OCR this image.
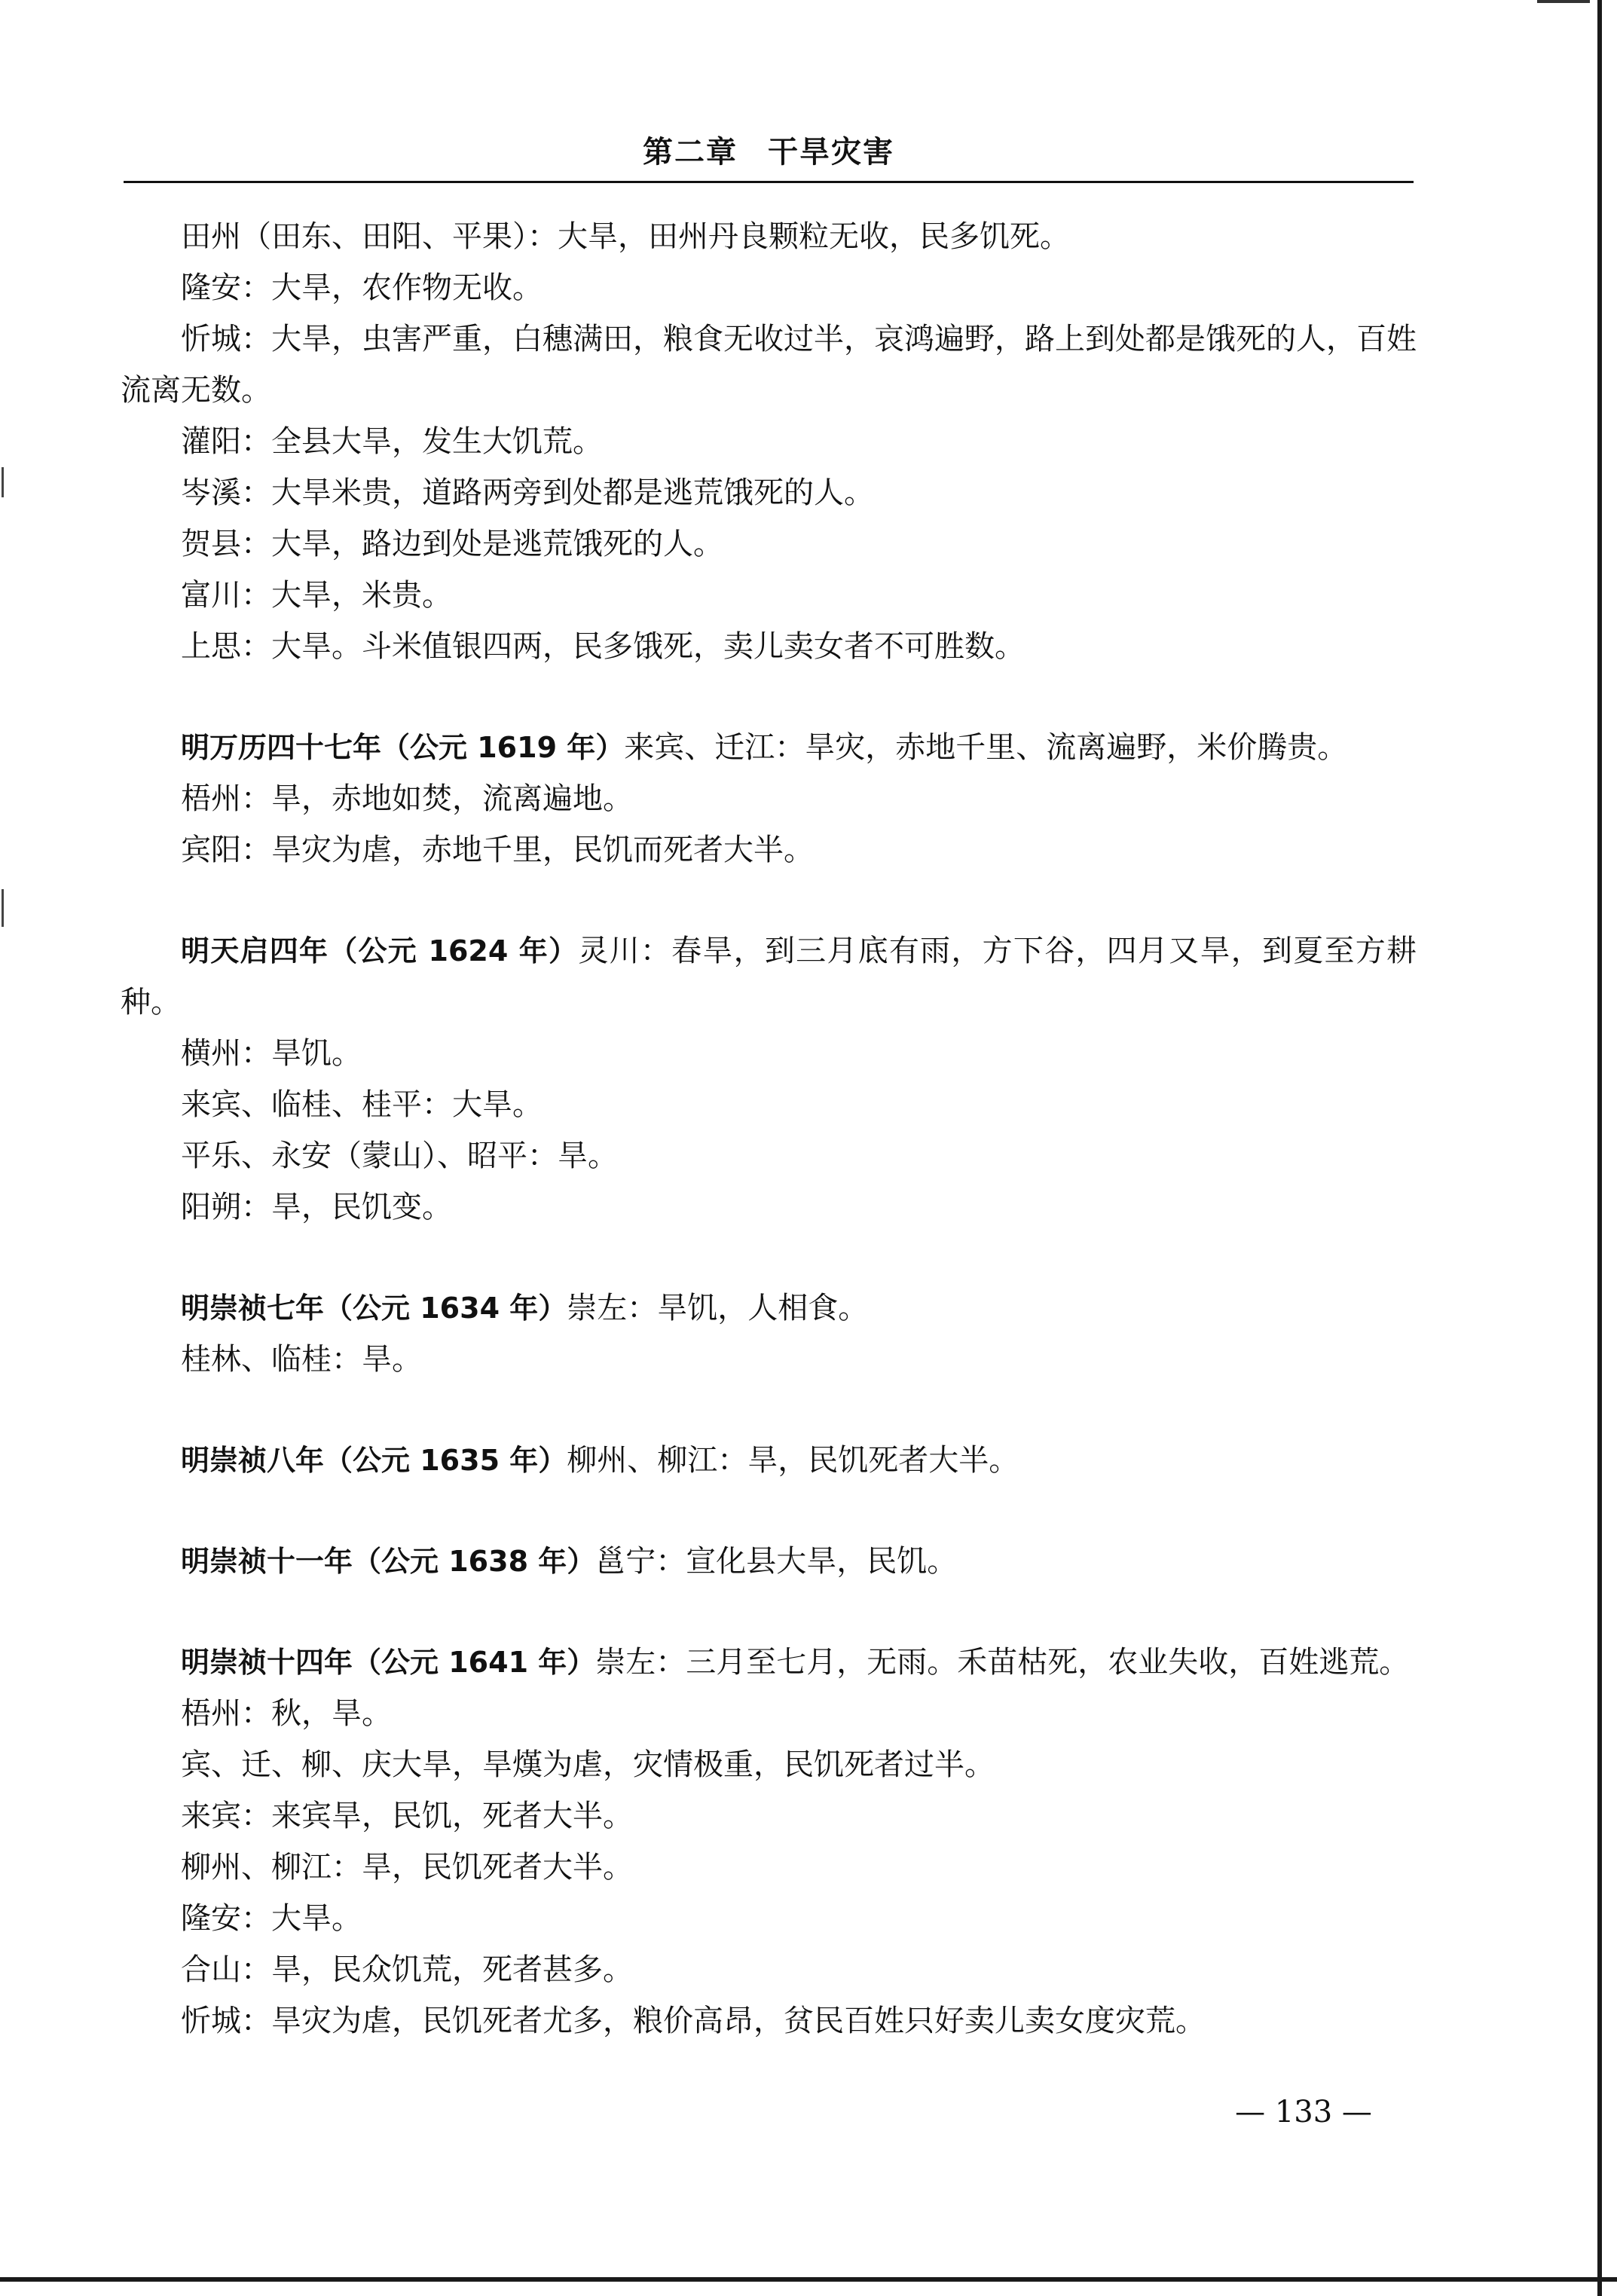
第二章 干旱灾害

田州（田东、田阳、平果）：大旱，田州丹良颗粒无收，民多饥死。

隆安：大旱，农作物无收。

忻城：大旱，虫害严重，白穗满田，粮食无收过半，哀鸿遍野，路上到处都是饿死的人，百姓流离无数。

灌阳：全县大旱，发生大饥荒。

岑溪：大旱米贵，道路两旁到处都是逃荒饿死的人。

贺县：大旱，路边到处是逃荒饿死的人。

富川：大旱，米贵。

上思：大旱。斗米值银四两，民多饿死，卖儿卖女者不可胜数。

明万历四十七年（公元 1619 年）来宾、迁江：旱灾，赤地千里、流离遍野，米价腾贵。

梧州：旱，赤地如焚，流离遍地。

宾阳：旱灾为虐，赤地千里，民饥而死者大半。

明天启四年（公元 1624 年）灵川：春旱，到三月底有雨，方下谷，四月又旱，到夏至方耕种。

横州：旱饥。

来宾、临桂、桂平：大旱。

平乐、永安（蒙山）、昭平：旱。

阳朔：旱，民饥变。

明崇祯七年（公元 1634 年）崇左：旱饥，人相食。

桂林、临桂：旱。

明崇祯八年（公元 1635 年）柳州、柳江：旱，民饥死者大半。

明崇祯十一年（公元 1638 年）邕宁：宣化县大旱，民饥。

明崇祯十四年（公元 1641 年）崇左：三月至七月，无雨。禾苗枯死，农业失收，百姓逃荒。

梧州：秋，旱。

宾、迁、柳、庆大旱，旱熯为虐，灾情极重，民饥死者过半。

来宾：来宾旱，民饥，死者大半。

柳州、柳江：旱，民饥死者大半。

隆安：大旱。

合山：旱，民众饥荒，死者甚多。

忻城：旱灾为虐，民饥死者尤多，粮价高昂，贫民百姓只好卖儿卖女度灾荒。

— 133 —
